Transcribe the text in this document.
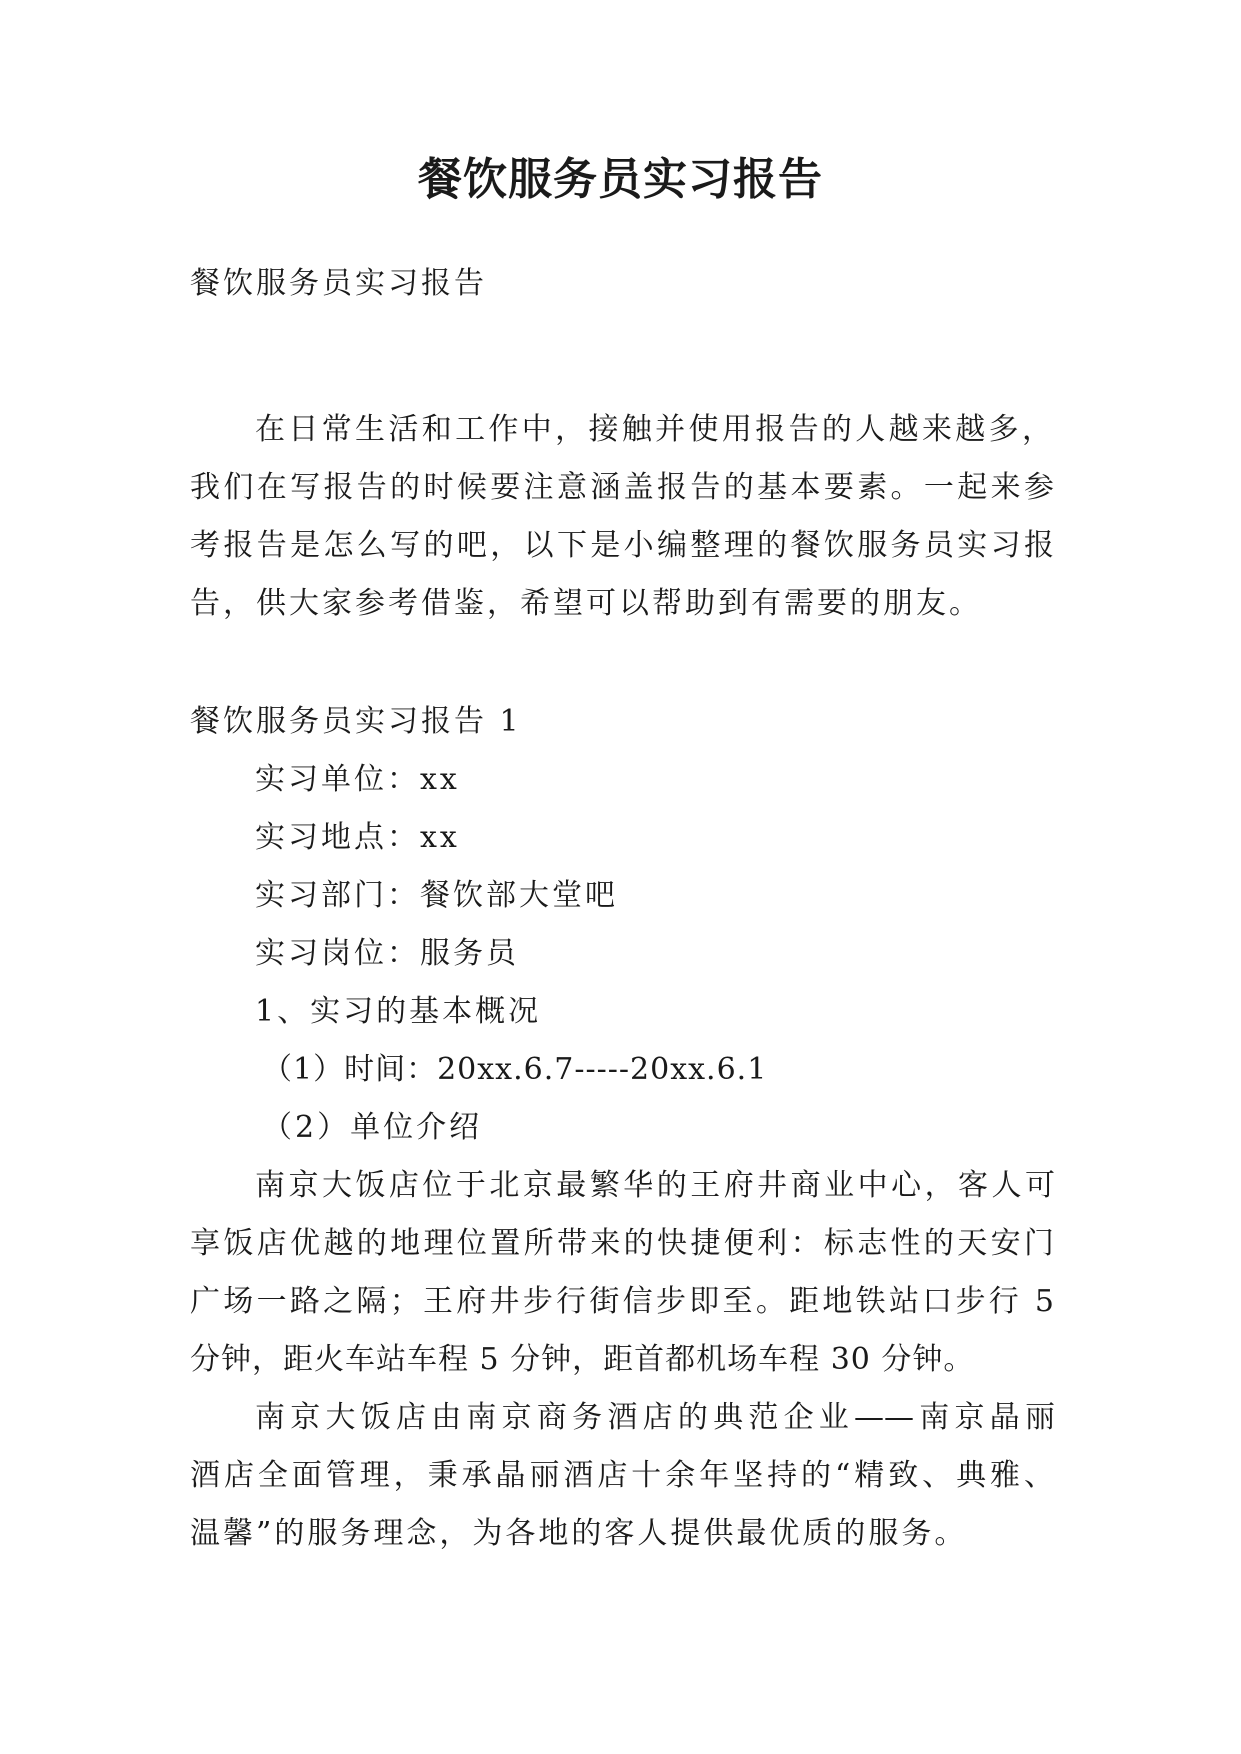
餐饮服务员实习报告
餐饮服务员实习报告
在日常生活和工作中，接触并使用报告的人越来越多，
我们在写报告的时候要注意涵盖报告的基本要素。一起来参
考报告是怎么写的吧，以下是小编整理的餐饮服务员实习报
告，供大家参考借鉴，希望可以帮助到有需要的朋友。
餐饮服务员实习报告 1
实习单位：xx
实习地点：xx
实习部门：餐饮部大堂吧
实习岗位：服务员
1、实习的基本概况
（1）时间：20xx.6.7-----20xx.6.1
（2）单位介绍
南京大饭店位于北京最繁华的王府井商业中心，客人可
享饭店优越的地理位置所带来的快捷便利：标志性的天安门
广场一路之隔；王府井步行街信步即至。距地铁站口步行 5
分钟，距火车站车程 5 分钟，距首都机场车程 30 分钟。
南京大饭店由南京商务酒店的典范企业——南京晶丽
酒店全面管理，秉承晶丽酒店十余年坚持的“精致、典雅、
温馨”的服务理念，为各地的客人提供最优质的服务。
